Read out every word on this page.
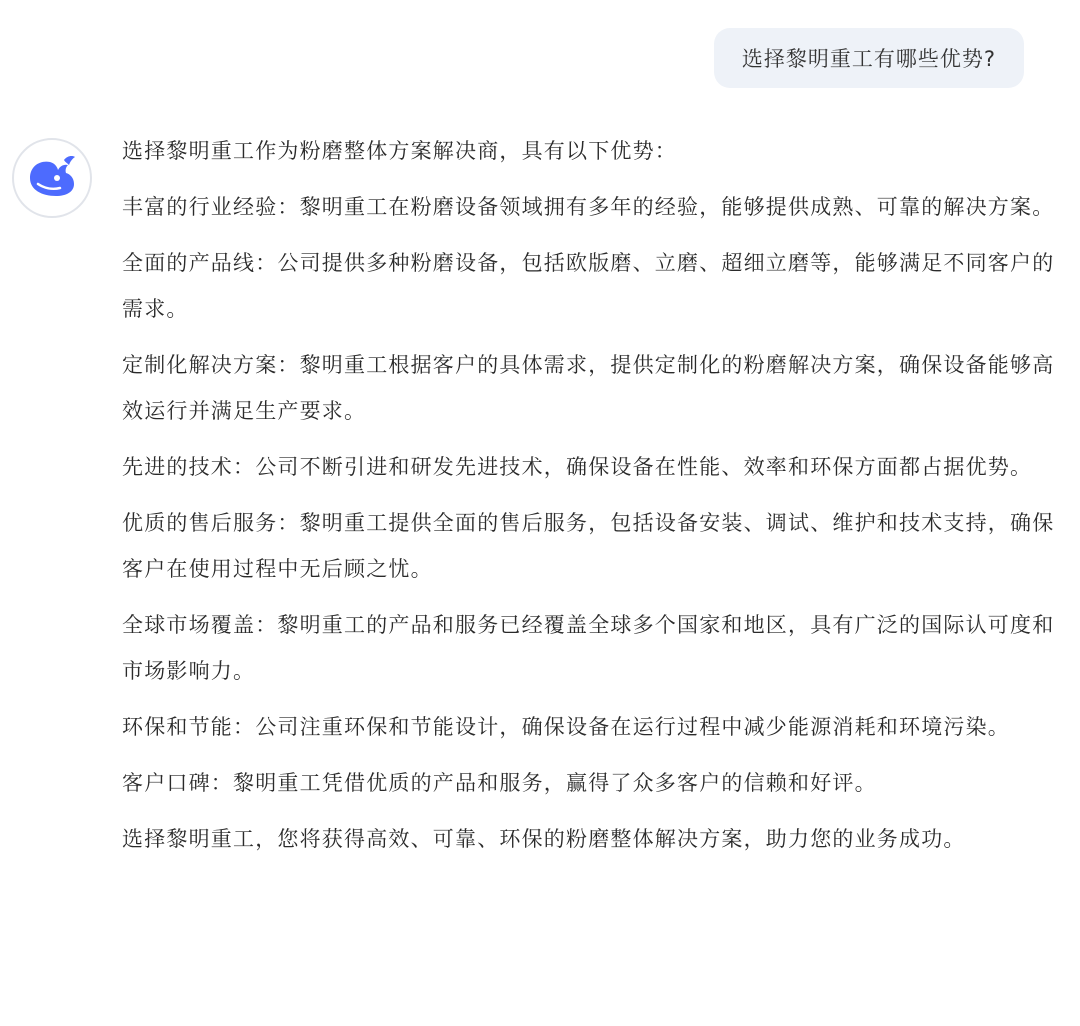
选择黎明重工有哪些优势?

选择黎明重工作为粉磨整体方案解决商，具有以下优势：

丰富的行业经验：黎明重工在粉磨设备领域拥有多年的经验，能够提供成熟、可靠的解决方案。

全面的产品线：公司提供多种粉磨设备，包括欧版磨、立磨、超细立磨等，能够满足不同客户的需求。

定制化解决方案：黎明重工根据客户的具体需求，提供定制化的粉磨解决方案，确保设备能够高效运行并满足生产要求。

先进的技术：公司不断引进和研发先进技术，确保设备在性能、效率和环保方面都占据优势。

优质的售后服务：黎明重工提供全面的售后服务，包括设备安装、调试、维护和技术支持，确保客户在使用过程中无后顾之忧。

全球市场覆盖：黎明重工的产品和服务已经覆盖全球多个国家和地区，具有广泛的国际认可度和市场影响力。

环保和节能：公司注重环保和节能设计，确保设备在运行过程中减少能源消耗和环境污染。

客户口碑：黎明重工凭借优质的产品和服务，赢得了众多客户的信赖和好评。

选择黎明重工，您将获得高效、可靠、环保的粉磨整体解决方案，助力您的业务成功。
